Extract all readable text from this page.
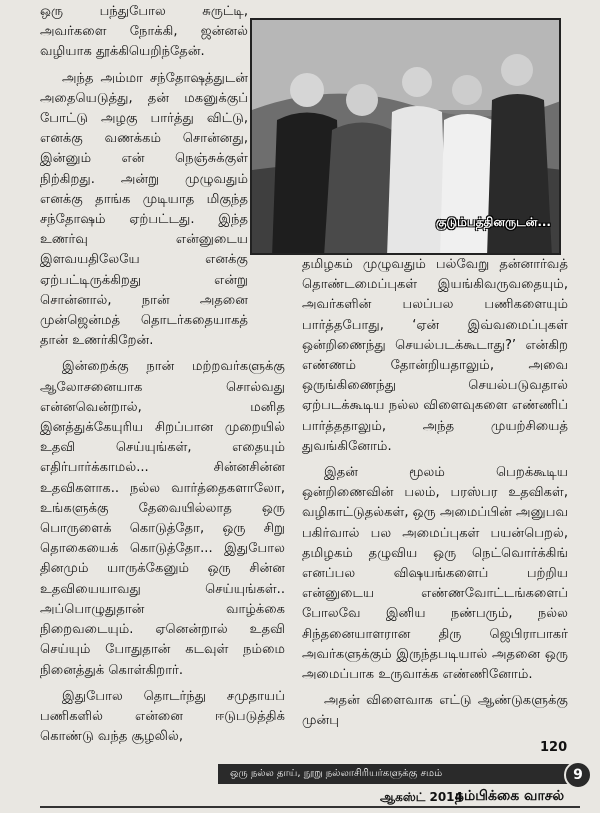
ஒரு பந்துபோல சுருட்டி, அவர்களை நோக்கி, ஜன்னல் வழியாக தூக்கியெறிந்தேன்.

அந்த அம்மா சந்தோஷத்துடன் அதையெடுத்து, தன் மகனுக்குப் போட்டு அழகு பார்த்து விட்டு, எனக்கு வணக்கம் சொன்னது, இன்னும் என் நெஞ்சுக்குள் நிற்கிறது. அன்று முழுவதும் எனக்கு தாங்க முடியாத மிகுந்த சந்தோஷம் ஏற்பட்டது. இந்த உணர்வு என்னுடைய இளவயதிலேயே எனக்கு ஏற்பட்டிருக்கிறது என்று சொன்னால், நான் அதனை முன்ஜென்மத் தொடர்கதையாகத் தான் உணர்கிறேன்.

இன்றைக்கு நான் மற்றவர்களுக்கு ஆலோசனையாக சொல்வது என்னவென்றால், மனித இனத்துக்கேயுரிய சிறப்பான முறையில் உதவி செய்யுங்கள், எதையும் எதிர்பார்க்காமல்... சின்னசின்ன உதவிகளாக.. நல்ல வார்த்தைகளாலோ, உங்களுக்கு தேவையில்லாத ஒரு பொருளைக் கொடுத்தோ, ஒரு சிறு தொகையைக் கொடுத்தோ... இதுபோல தினமும் யாருக்கேனும் ஒரு சின்ன உதவியையாவது செய்யுங்கள்.. அப்பொழுதுதான் வாழ்க்கை நிறைவடையும். ஏனென்றால் உதவி செய்யும் போதுதான் கடவுள் நம்மை நினைத்துக் கொள்கிறார்.

இதுபோல தொடர்ந்து சமுதாயப் பணிகளில் என்னை ஈடுபடுத்திக் கொண்டு வந்த சூழலில்,

குடும்பத்தினருடன்...

தமிழகம் முழுவதும் பல்வேறு தன்னார்வத் தொண்டமைப்புகள் இயங்கிவருவதையும், அவர்களின் பலப்பல பணிகளையும் பார்த்தபோது, ‘ஏன் இவ்வமைப்புகள் ஒன்றிணைந்து செயல்படக்கூடாது?’ என்கிற எண்ணம் தோன்றியதாலும், அவை ஒருங்கிணைந்து செயல்படுவதால் ஏற்படக்கூடிய நல்ல விளைவுகளை எண்ணிப் பார்த்ததாலும், அந்த முயற்சியைத் துவங்கினோம்.

இதன் மூலம் பெறக்கூடிய ஒன்றிணைவின் பலம், பரஸ்பர உதவிகள், வழிகாட்டுதல்கள், ஒரு அமைப்பின் அனுபவ பகிர்வால் பல அமைப்புகள் பயன்பெறல், தமிழகம் தழுவிய ஒரு நெட்வொர்க்கிங் எனப்பல விஷயங்களைப் பற்றிய என்னுடைய எண்ணவோட்டங்களைப் போலவே இனிய நண்பரும், நல்ல சிந்தனையாளரான திரு ஜெபிராபாகர் அவர்களுக்கும் இருந்தபடியால் அதனை ஒரு அமைப்பாக உருவாக்க எண்ணினோம்.

அதன் விளைவாக எட்டு ஆண்டுகளுக்கு முன்பு

120
ஒரு நல்ல தாய், நூறு நல்லாசிரியர்களுக்கு சமம்	9
ஆகஸ்ட் 2014
நம்பிக்கை வாசல்
